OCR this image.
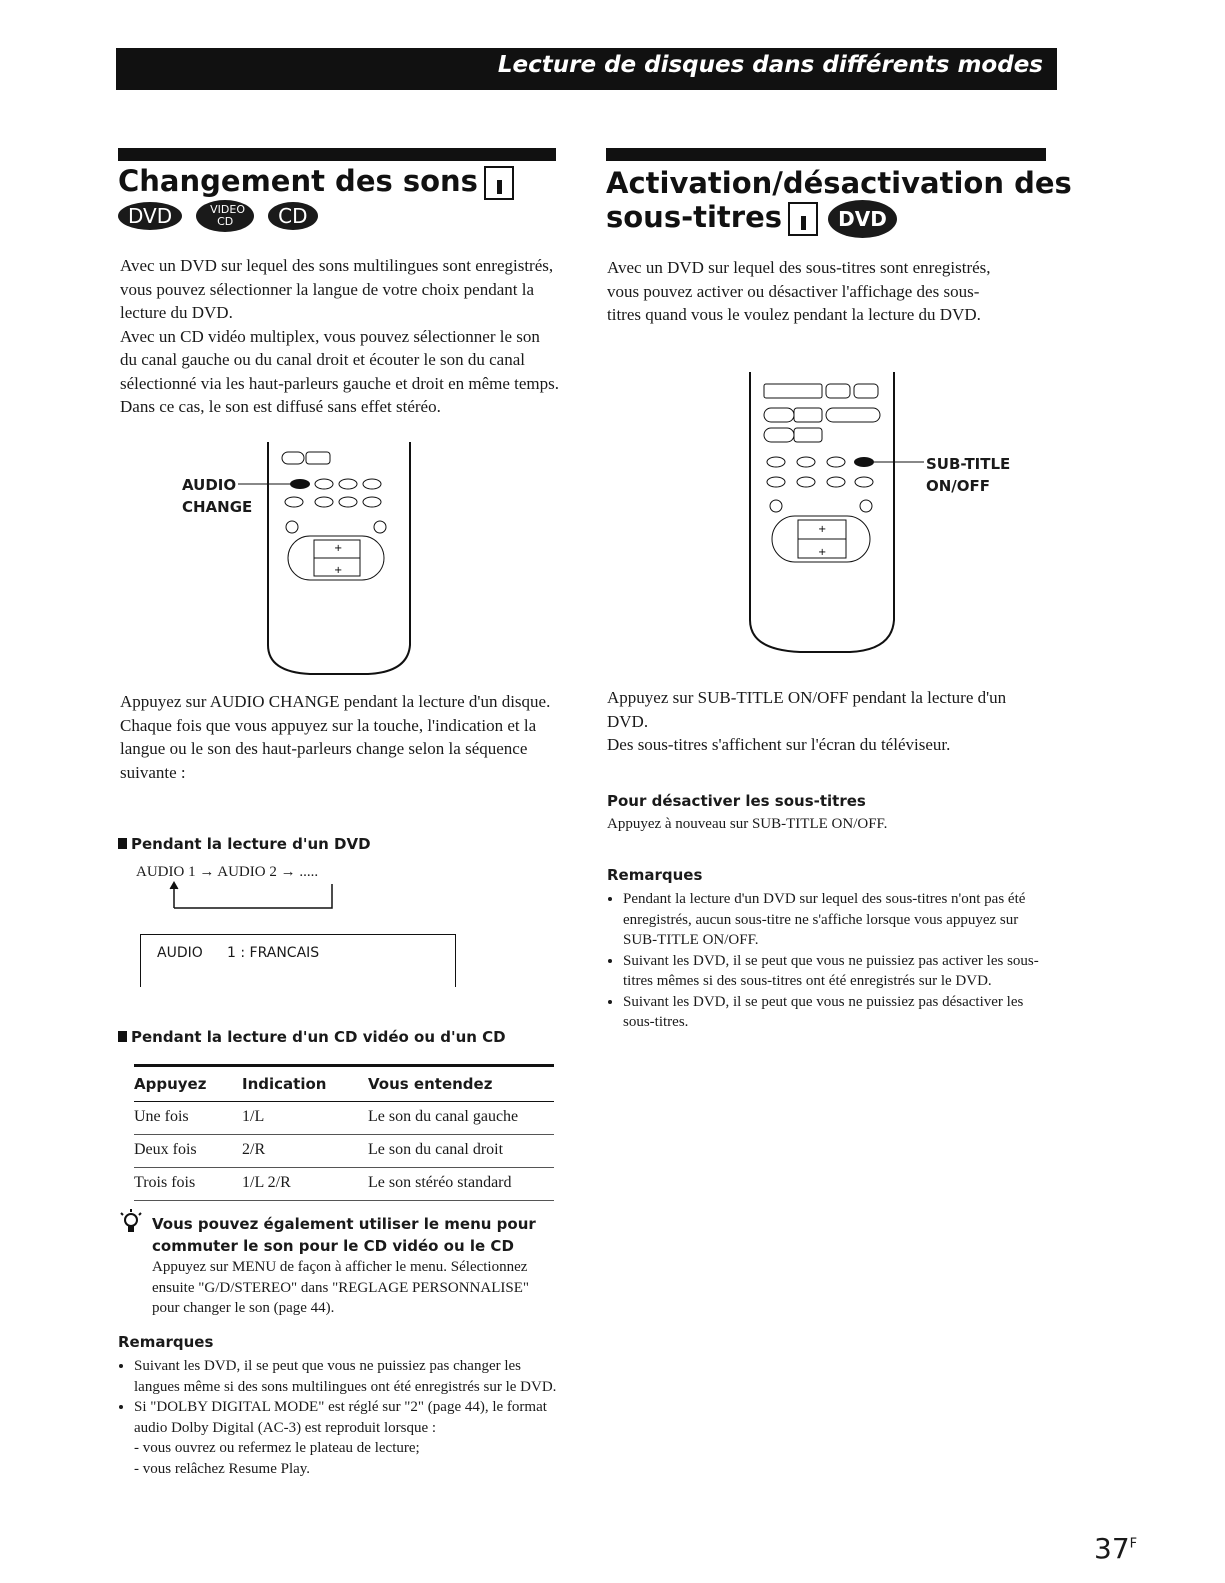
Lecture de disques dans différents modes
Changement des sons
DVD	VIDEO CD CD
Avec un DVD sur lequel des sons multilingues sont enregistrés, vous pouvez sélectionner la langue de votre choix pendant la lecture du DVD.
Avec un CD vidéo multiplex, vous pouvez sélectionner le son du canal gauche ou du canal droit et écouter le son du canal sélectionné via les haut-parleurs gauche et droit en même temps. Dans ce cas, le son est diffusé sans effet stéréo.
AUDIO
CHANGE
+
+
Appuyez sur AUDIO CHANGE pendant la lecture d'un disque.
Chaque fois que vous appuyez sur la touche, l'indication et la langue ou le son des haut-parleurs change selon la séquence suivante :
Pendant la lecture d'un DVD
AUDIO 1 → AUDIO 2 → .....
AUDIO 1 : FRANCAIS
Pendant la lecture d'un CD vidéo ou d'un CD
Appuyez	Indication	Vous entendez
Une fois	1/L	Le son du canal gauche
Deux fois	2/R	Le son du canal droit
Trois fois	1/L 2/R	Le son stéréo standard
Vous pouvez également utiliser le menu pour
commuter le son pour le CD vidéo ou le CD
Appuyez sur MENU de façon à afficher le menu. Sélectionnez ensuite "G/D/STEREO" dans "REGLAGE PERSONNALISE" pour changer le son (page 44).
Remarques
• Suivant les DVD, il se peut que vous ne puissiez pas changer les langues même si des sons multilingues ont été enregistrés sur le DVD.
• Si "DOLBY DIGITAL MODE" est réglé sur "2" (page 44), le format audio Dolby Digital (AC-3) est reproduit lorsque :
- vous ouvrez ou refermez le plateau de lecture;
- vous relâchez Resume Play.
Activation/désactivation des
sous-titres	DVD
Avec un DVD sur lequel des sous-titres sont enregistrés, vous pouvez activer ou désactiver l'affichage des sous-titres quand vous le voulez pendant la lecture du DVD.
+
+
SUB-TITLE
ON/OFF
Appuyez sur SUB-TITLE ON/OFF pendant la lecture d'un DVD.
Des sous-titres s'affichent sur l'écran du téléviseur.
Pour désactiver les sous-titres
Appuyez à nouveau sur SUB-TITLE ON/OFF.
Remarques
• Pendant la lecture d'un DVD sur lequel des sous-titres n'ont pas été enregistrés, aucun sous-titre ne s'affiche lorsque vous appuyez sur SUB-TITLE ON/OFF.
• Suivant les DVD, il se peut que vous ne puissiez pas activer les sous-titres mêmes si des sous-titres ont été enregistrés sur le DVD.
• Suivant les DVD, il se peut que vous ne puissiez pas désactiver les sous-titres.
$37^F$
